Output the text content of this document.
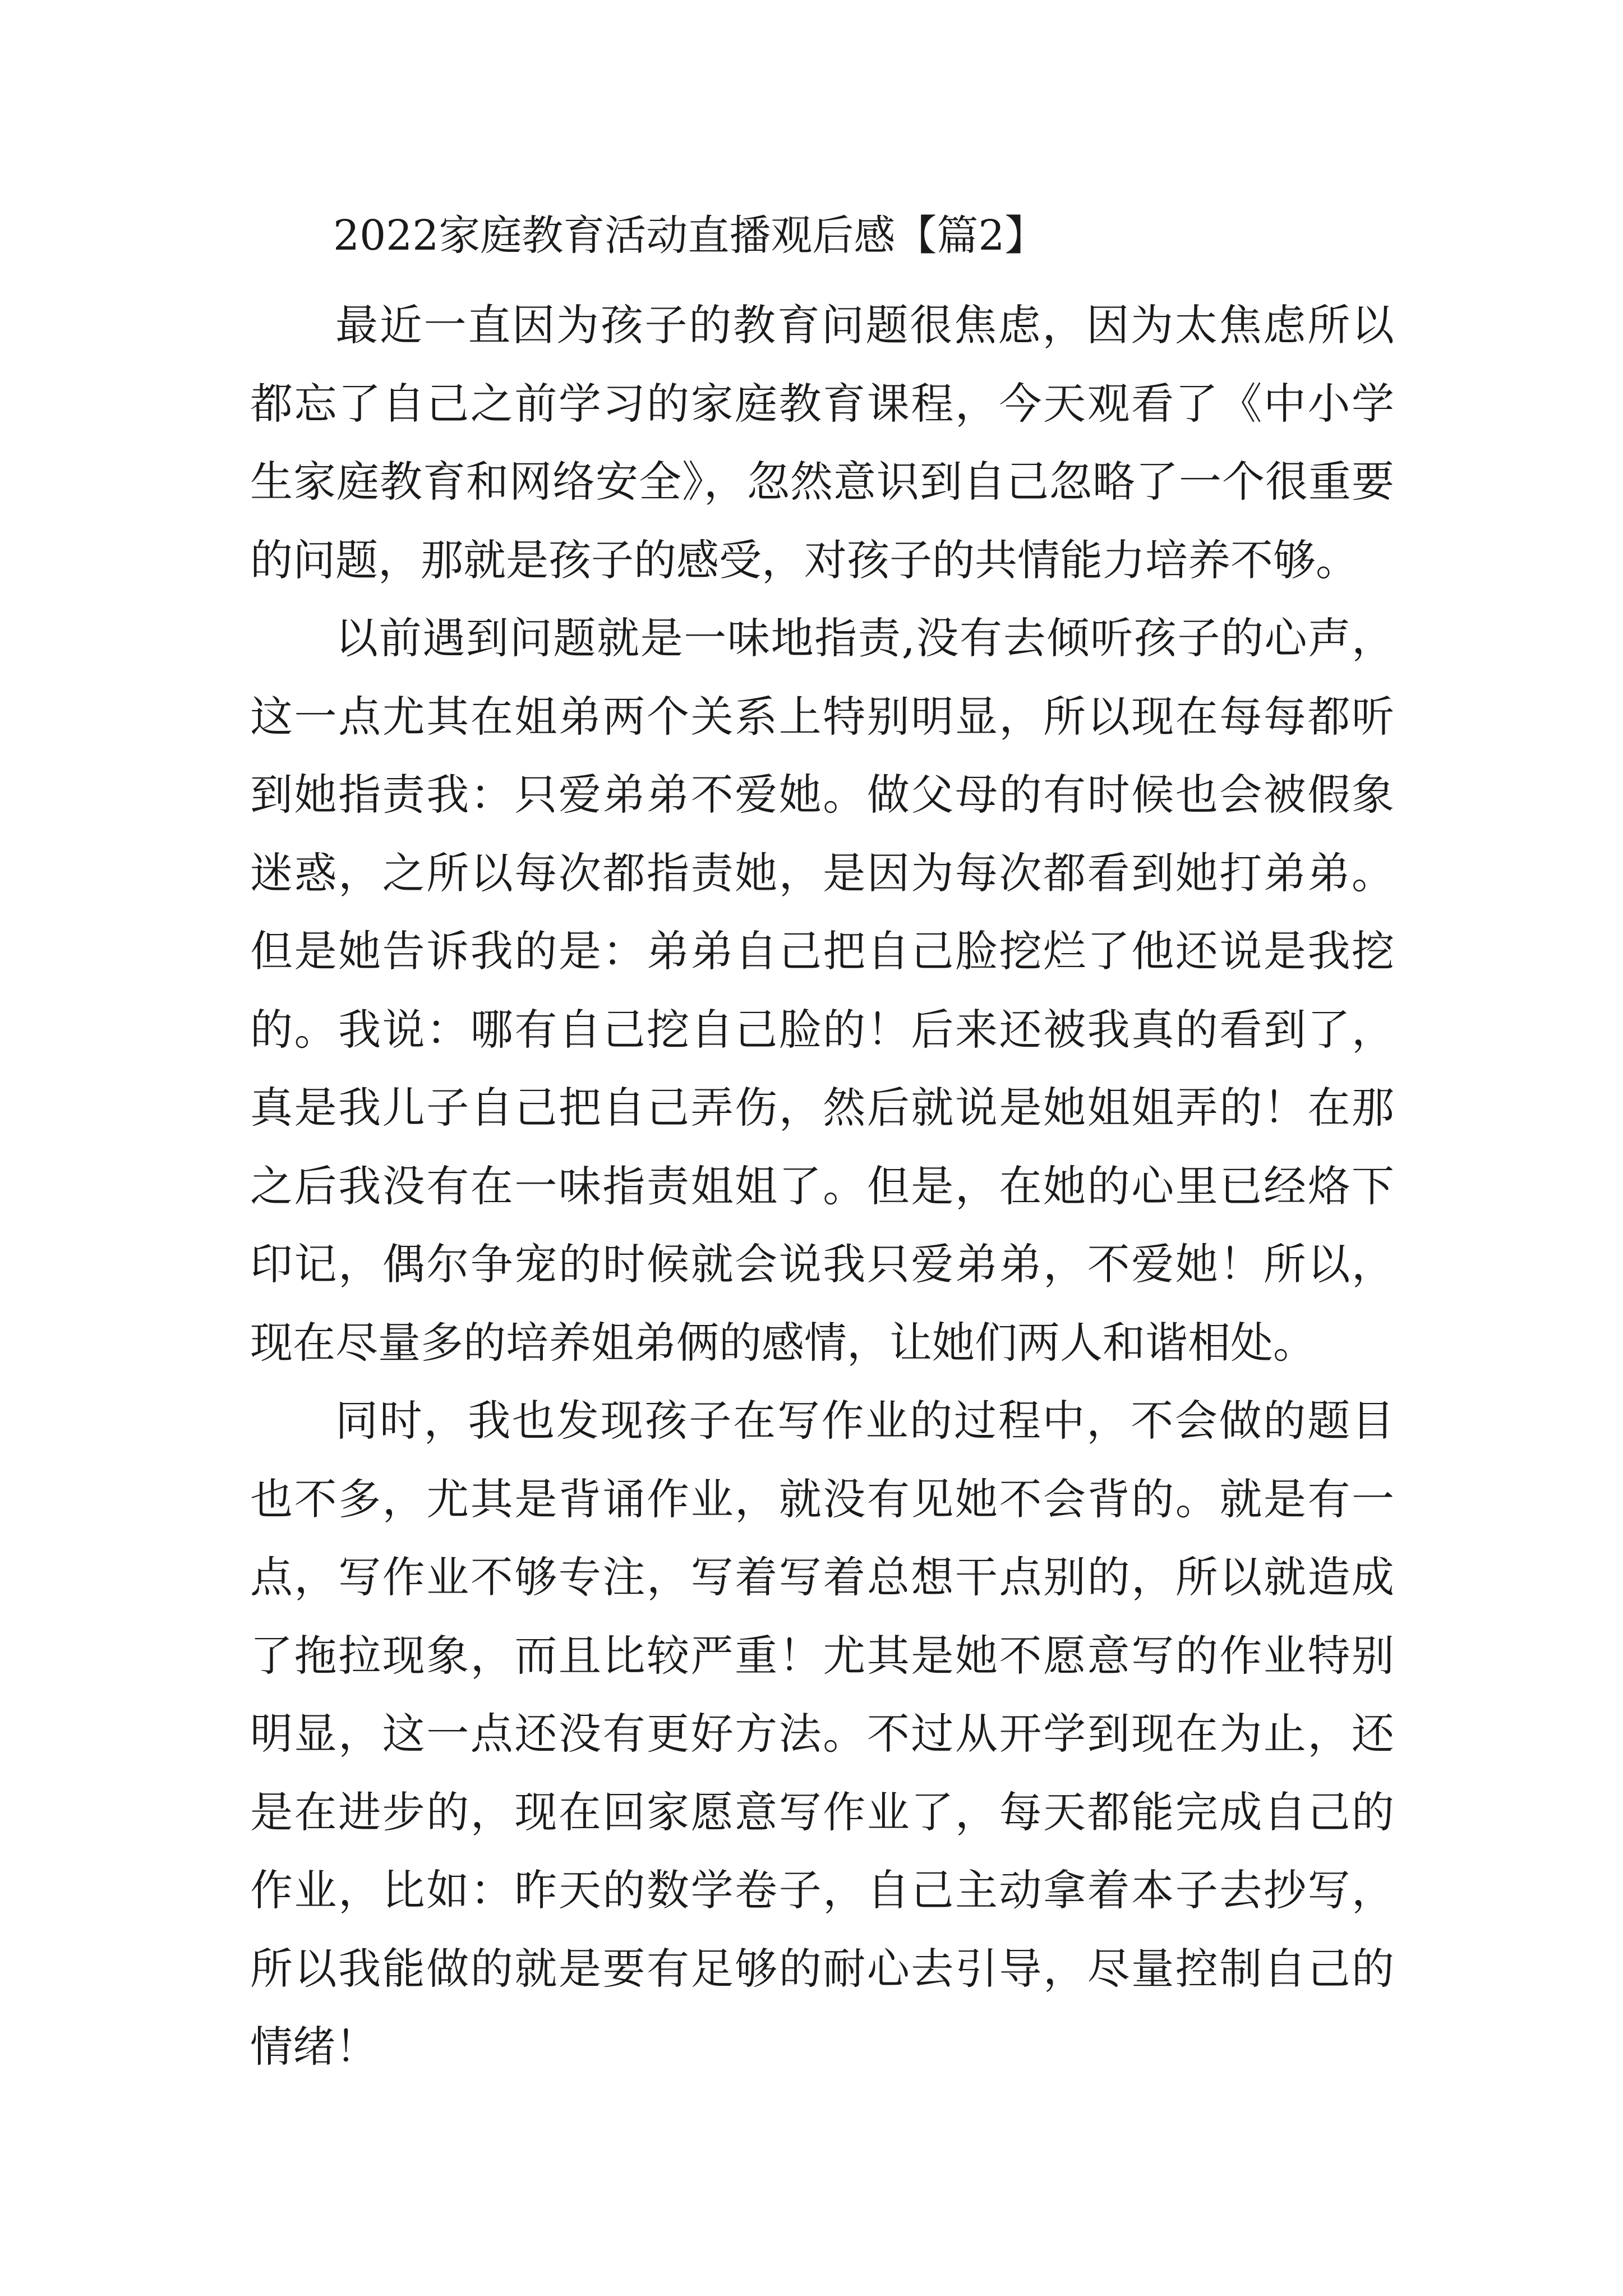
2022家庭教育活动直播观后感【篇2】

最近一直因为孩子的教育问题很焦虑，因为太焦虑所以都忘了自己之前学习的家庭教育课程，今天观看了《中小学生家庭教育和网络安全》，忽然意识到自己忽略了一个很重要的问题，那就是孩子的感受，对孩子的共情能力培养不够。

以前遇到问题就是一味地指责,没有去倾听孩子的心声，这一点尤其在姐弟两个关系上特别明显，所以现在每每都听到她指责我：只爱弟弟不爱她。做父母的有时候也会被假象迷惑，之所以每次都指责她，是因为每次都看到她打弟弟。但是她告诉我的是：弟弟自己把自己脸挖烂了他还说是我挖的。我说：哪有自己挖自己脸的！后来还被我真的看到了，真是我儿子自己把自己弄伤，然后就说是她姐姐弄的！在那之后我没有在一味指责姐姐了。但是，在她的心里已经烙下印记，偶尔争宠的时候就会说我只爱弟弟，不爱她！所以，现在尽量多的培养姐弟俩的感情，让她们两人和谐相处。

同时，我也发现孩子在写作业的过程中，不会做的题目也不多，尤其是背诵作业，就没有见她不会背的。就是有一点，写作业不够专注，写着写着总想干点别的，所以就造成了拖拉现象，而且比较严重！尤其是她不愿意写的作业特别明显，这一点还没有更好方法。不过从开学到现在为止，还是在进步的，现在回家愿意写作业了，每天都能完成自己的作业，比如：昨天的数学卷子，自己主动拿着本子去抄写，所以我能做的就是要有足够的耐心去引导，尽量控制自己的情绪！
